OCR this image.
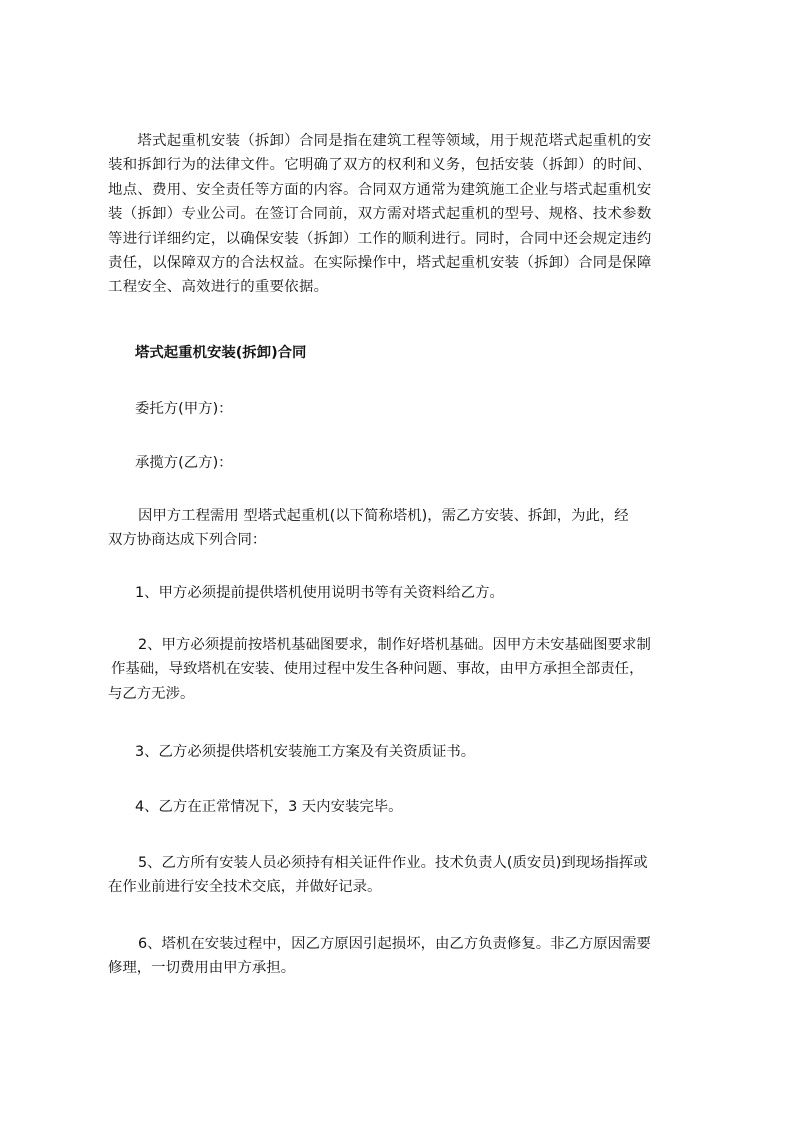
　　塔式起重机安装（拆卸）合同是指在建筑工程等领域，用于规范塔式起重机的安
装和拆卸行为的法律文件。它明确了双方的权利和义务，包括安装（拆卸）的时间、
地点、费用、安全责任等方面的内容。合同双方通常为建筑施工企业与塔式起重机安
装（拆卸）专业公司。在签订合同前，双方需对塔式起重机的型号、规格、技术参数
等进行详细约定，以确保安装（拆卸）工作的顺利进行。同时，合同中还会规定违约
责任，以保障双方的合法权益。在实际操作中，塔式起重机安装（拆卸）合同是保障
工程安全、高效进行的重要依据。
塔式起重机安装(拆卸)合同
委托方(甲方)：
承揽方(乙方)：
因甲方工程需用 型塔式起重机(以下简称塔机)，需乙方安装、拆卸，为此，经
双方协商达成下列合同：
1、甲方必须提前提供塔机使用说明书等有关资料给乙方。
2、甲方必须提前按塔机基础图要求，制作好塔机基础。因甲方未安基础图要求制
作基础，导致塔机在安装、使用过程中发生各种问题、事故，由甲方承担全部责任，
与乙方无涉。
3、乙方必须提供塔机安装施工方案及有关资质证书。
4、乙方在正常情况下，3 天内安装完毕。
5、乙方所有安装人员必须持有相关证件作业。技术负责人(质安员)到现场指挥或
在作业前进行安全技术交底，并做好记录。
6、塔机在安装过程中，因乙方原因引起损坏，由乙方负责修复。非乙方原因需要
修理，一切费用由甲方承担。
